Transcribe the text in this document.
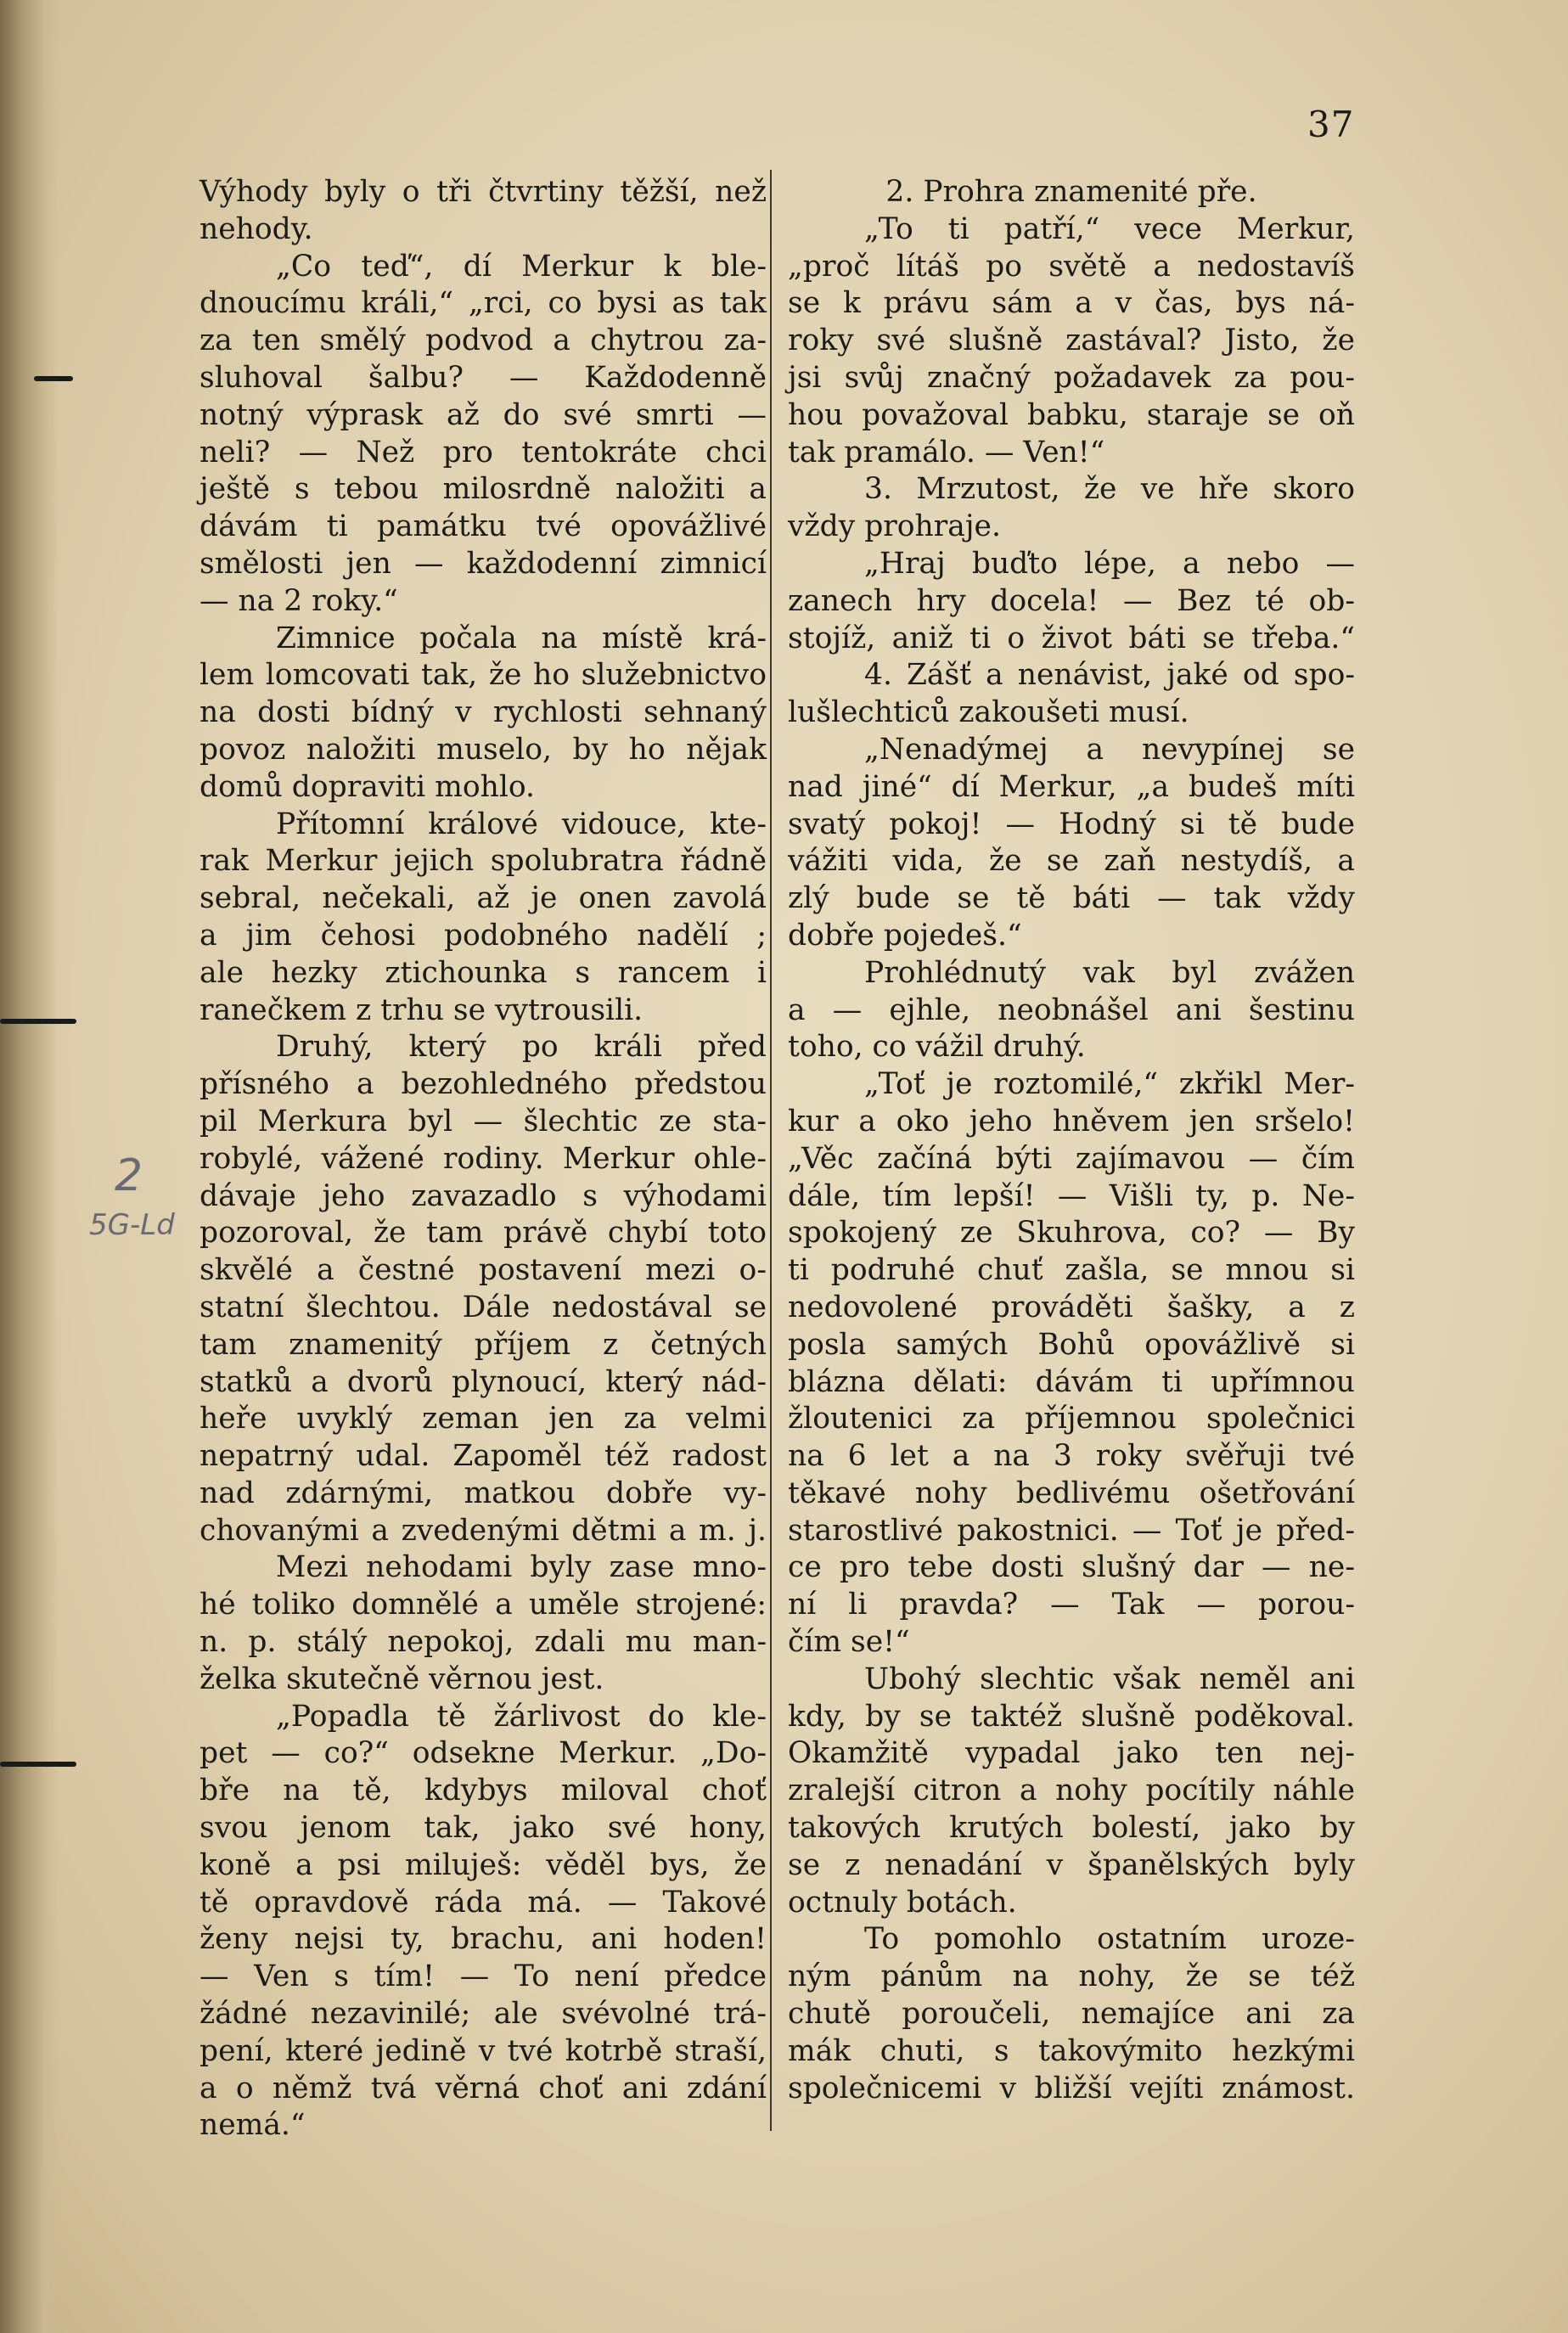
37
Výhody byly o tři čtvrtiny těžší, než
nehody.
„Co teď“, dí Merkur k ble-
dnoucímu králi,“ „rci, co bysi as tak
za ten smělý podvod a chytrou za-
sluhoval šalbu? — Každodenně
notný výprask až do své smrti —
neli? — Než pro tentokráte chci
ještě s tebou milosrdně naložiti a
dávám ti památku tvé opovážlivé
smělosti jen — každodenní zimnicí
— na 2 roky.“
Zimnice počala na místě krá-
lem lomcovati tak, že ho služebnictvo
na dosti bídný v rychlosti sehnaný
povoz naložiti muselo, by ho nějak
domů dopraviti mohlo.
Přítomní králové vidouce, kte-
rak Merkur jejich spolubratra řádně
sebral, nečekali, až je onen zavolá
a jim čehosi podobného nadělí ;
ale hezky ztichounka s rancem i
ranečkem z trhu se vytrousili.
Druhý, který po králi před
přísného a bezohledného předstou
pil Merkura byl — šlechtic ze sta-
robylé, vážené rodiny. Merkur ohle-
dávaje jeho zavazadlo s výhodami
pozoroval, že tam právě chybí toto
skvělé a čestné postavení mezi o-
statní šlechtou. Dále nedostával se
tam znamenitý příjem z četných
statků a dvorů plynoucí, který nád-
heře uvyklý zeman jen za velmi
nepatrný udal. Zapoměl též radost
nad zdárnými, matkou dobře vy-
chovanými a zvedenými dětmi a m. j.
Mezi nehodami byly zase mno-
hé toliko domnělé a uměle strojené:
n. p. stálý nepokoj, zdali mu man-
želka skutečně věrnou jest.
„Popadla tě žárlivost do kle-
pet — co?“ odsekne Merkur. „Do-
bře na tě, kdybys miloval choť
svou jenom tak, jako své hony,
koně a psi miluješ: věděl bys, že
tě opravdově ráda má. — Takové
ženy nejsi ty, brachu, ani hoden!
— Ven s tím! — To není předce
žádné nezavinilé; ale svévolné trá-
pení, které jedině v tvé kotrbě straší,
a o němž tvá věrná choť ani zdání
nemá.“
2. Prohra znamenité pře.
„To ti patří,“ vece Merkur,
„proč lítáš po světě a nedostavíš
se k právu sám a v čas, bys ná-
roky své slušně zastával? Jisto, že
jsi svůj značný požadavek za pou-
hou považoval babku, staraje se oň
tak pramálo. — Ven!“
3. Mrzutost, že ve hře skoro
vždy prohraje.
„Hraj buďto lépe, a nebo —
zanech hry docela! — Bez té ob-
stojíž, aniž ti o život báti se třeba.“
4. Zášť a nenávist, jaké od spo-
lušlechticů zakoušeti musí.
„Nenadýmej a nevypínej se
nad jiné“ dí Merkur, „a budeš míti
svatý pokoj! — Hodný si tě bude
vážiti vida, že se zaň nestydíš, a
zlý bude se tě báti — tak vždy
dobře pojedeš.“
Prohlédnutý vak byl zvážen
a — ejhle, neobnášel ani šestinu
toho, co vážil druhý.
„Toť je roztomilé,“ zkřikl Mer-
kur a oko jeho hněvem jen sršelo!
„Věc začíná býti zajímavou — čím
dále, tím lepší! — Višli ty, p. Ne-
spokojený ze Skuhrova, co? — By
ti podruhé chuť zašla, se mnou si
nedovolené prováděti šašky, a z
posla samých Bohů opovážlivě si
blázna dělati: dávám ti upřímnou
žloutenici za příjemnou společnici
na 6 let a na 3 roky svěřuji tvé
těkavé nohy bedlivému ošetřování
starostlivé pakostnici. — Toť je před-
ce pro tebe dosti slušný dar — ne-
ní li pravda? — Tak — porou-
čím se!“
Ubohý slechtic však neměl ani
kdy, by se taktéž slušně poděkoval.
Okamžitě vypadal jako ten nej-
zralejší citron a nohy pocítily náhle
takových krutých bolestí, jako by
se z nenadání v španělských byly
octnuly botách.
To pomohlo ostatním uroze-
ným pánům na nohy, že se též
chutě poroučeli, nemajíce ani za
mák chuti, s takovýmito hezkými
společnicemi v bližší vejíti známost.
2
5G-Ld
